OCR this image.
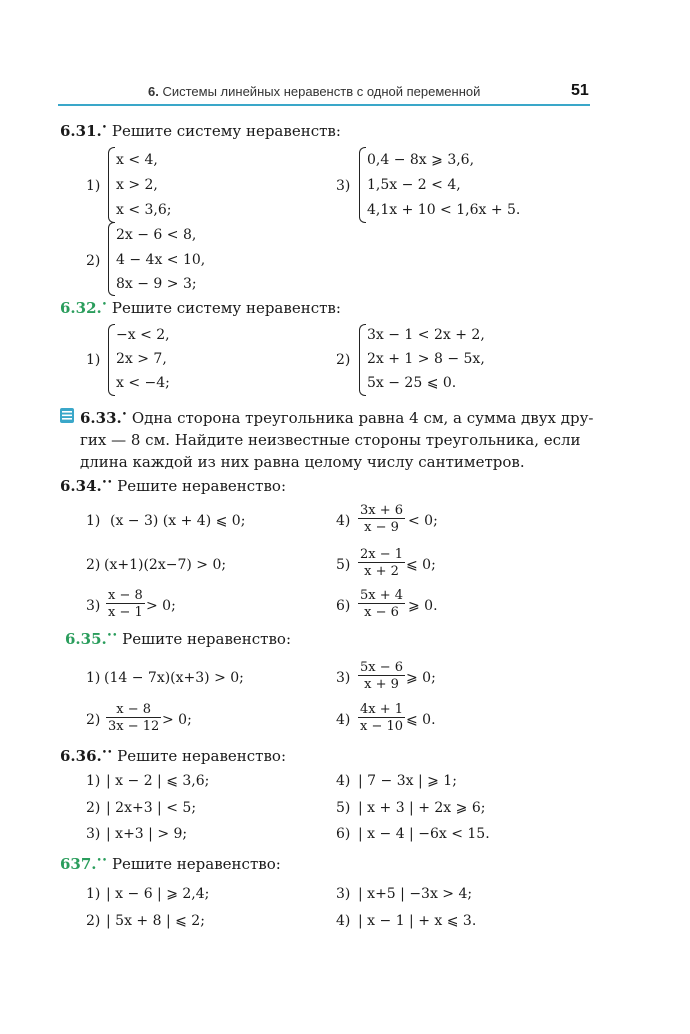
6. Системы линейных неравенств с одной переменной	51
6.31.• Решите систему неравенств:
1)
x < 4,
x > 2,
x < 3,6;
3)
0,4 − 8x ⩾ 3,6,
1,5x − 2 < 4,
4,1x + 10 < 1,6x + 5.
2)
2x − 6 < 8,
4 − 4x < 10,
8x − 9 > 3;
6.32.• Решите систему неравенств:
1)
−x < 2,
2x > 7,
x < −4;
2)
3x − 1 < 2x + 2,
2x + 1 > 8 − 5x,
5x − 25 ⩽ 0.
6.33.• Одна сторона треугольника равна 4 см, а сумма двух дру-
гих — 8 см. Найдите неизвестные стороны треугольника, если
длина каждой из них равна целому числу сантиметров.
6.34.•• Решите неравенство:
1) (x − 3) (x + 4) ⩽ 0;	$4) \frac{3x + 6}{x - 9} < 0$;
2) (x+1)(2x−7) > 0;	$5) \frac{2x - 1}{x + 2}$ ⩽ 0;
$3) \frac{x - 8}{x - 1} > 0$;	$6) \frac{5x + 4}{x - 6}$ ⩾ 0.
6.35.•• Решите неравенство:
1) (14 − 7x)(x+3) > 0;	$3) \frac{5x - 6}{x + 9}$ ⩾ 0;
$2) \frac{x - 8}{3x - 12} > 0$;	$4) \frac{4x + 1}{x - 10}$ ⩽ 0.
6.36.•• Решите неравенство:
1) | x − 2 | ⩽ 3,6;	4) | 7 − 3x | ⩾ 1;
2) | 2x+3 | < 5;	5) | x + 3 | + 2x ⩾ 6;
3) | x+3 | > 9;	6) | x − 4 | −6x < 15.
637.•• Решите неравенство:
1) | x − 6 | ⩾ 2,4;	3) | x+5 | −3x > 4;
2) | 5x + 8 | ⩽ 2;	4) | x − 1 | + x ⩽ 3.
